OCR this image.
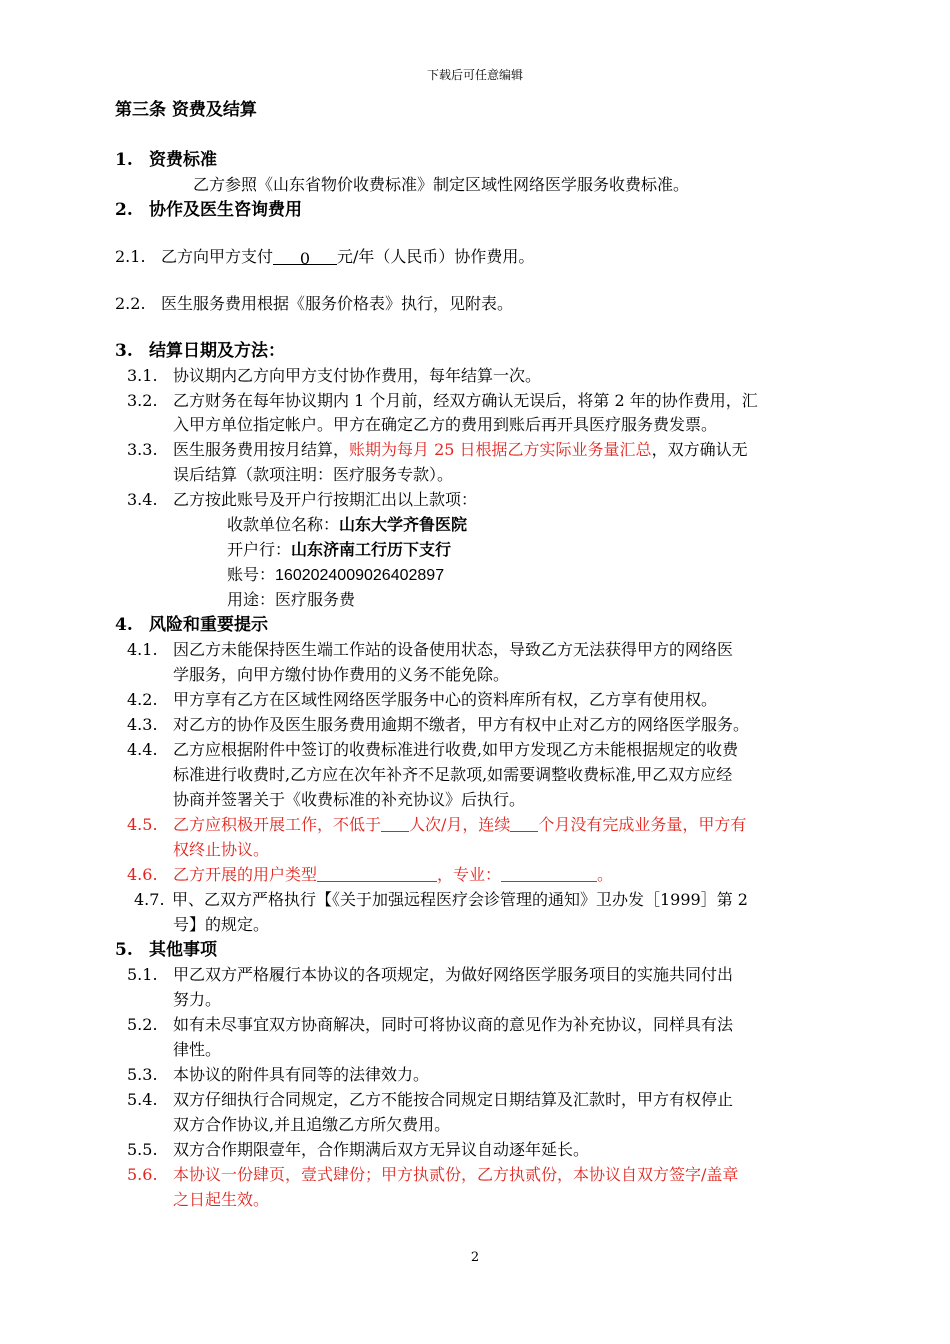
下载后可任意编辑
第三条 资费及结算
1. 资费标准
乙方参照《山东省物价收费标准》制定区域性网络医学服务收费标准。
2. 协作及医生咨询费用
2.1. 乙方向甲方支付 0 元/年（人民币）协作费用。
2.2. 医生服务费用根据《服务价格表》执行，见附表。
3. 结算日期及方法：
3.1. 协议期内乙方向甲方支付协作费用，每年结算一次。
3.2. 乙方财务在每年协议期内 1 个月前，经双方确认无误后，将第 2 年的协作费用，汇
入甲方单位指定帐户。甲方在确定乙方的费用到账后再开具医疗服务费发票。
3.3. 医生服务费用按月结算，账期为每月 25 日根据乙方实际业务量汇总，双方确认无
误后结算（款项注明：医疗服务专款）。
3.4. 乙方按此账号及开户行按期汇出以上款项：
收款单位名称：山东大学齐鲁医院
开户行：山东济南工行历下支行
账号：1602024009026402897
用途：医疗服务费
4. 风险和重要提示
4.1. 因乙方未能保持医生端工作站的设备使用状态，导致乙方无法获得甲方的网络医
学服务，向甲方缴付协作费用的义务不能免除。
4.2. 甲方享有乙方在区域性网络医学服务中心的资料库所有权，乙方享有使用权。
4.3. 对乙方的协作及医生服务费用逾期不缴者，甲方有权中止对乙方的网络医学服务。
4.4. 乙方应根据附件中签订的收费标准进行收费,如甲方发现乙方未能根据规定的收费
标准进行收费时,乙方应在次年补齐不足款项,如需要调整收费标准,甲乙双方应经
协商并签署关于《收费标准的补充协议》后执行。
4.5. 乙方应积极开展工作，不低于 人次/月，连续 个月没有完成业务量，甲方有
权终止协议。
4.6. 乙方开展的用户类型	，专业：	。
4.7. 甲、乙双方严格执行【《关于加强远程医疗会诊管理的通知》卫办发［1999］第 2
号】的规定。
5. 其他事项
5.1. 甲乙双方严格履行本协议的各项规定，为做好网络医学服务项目的实施共同付出
努力。
5.2. 如有未尽事宜双方协商解决，同时可将协议商的意见作为补充协议，同样具有法
律性。
5.3. 本协议的附件具有同等的法律效力。
5.4. 双方仔细执行合同规定，乙方不能按合同规定日期结算及汇款时，甲方有权停止
双方合作协议,并且追缴乙方所欠费用。
5.5. 双方合作期限壹年，合作期满后双方无异议自动逐年延长。
5.6. 本协议一份肆页，壹式肆份；甲方执贰份，乙方执贰份，本协议自双方签字/盖章
之日起生效。
2
